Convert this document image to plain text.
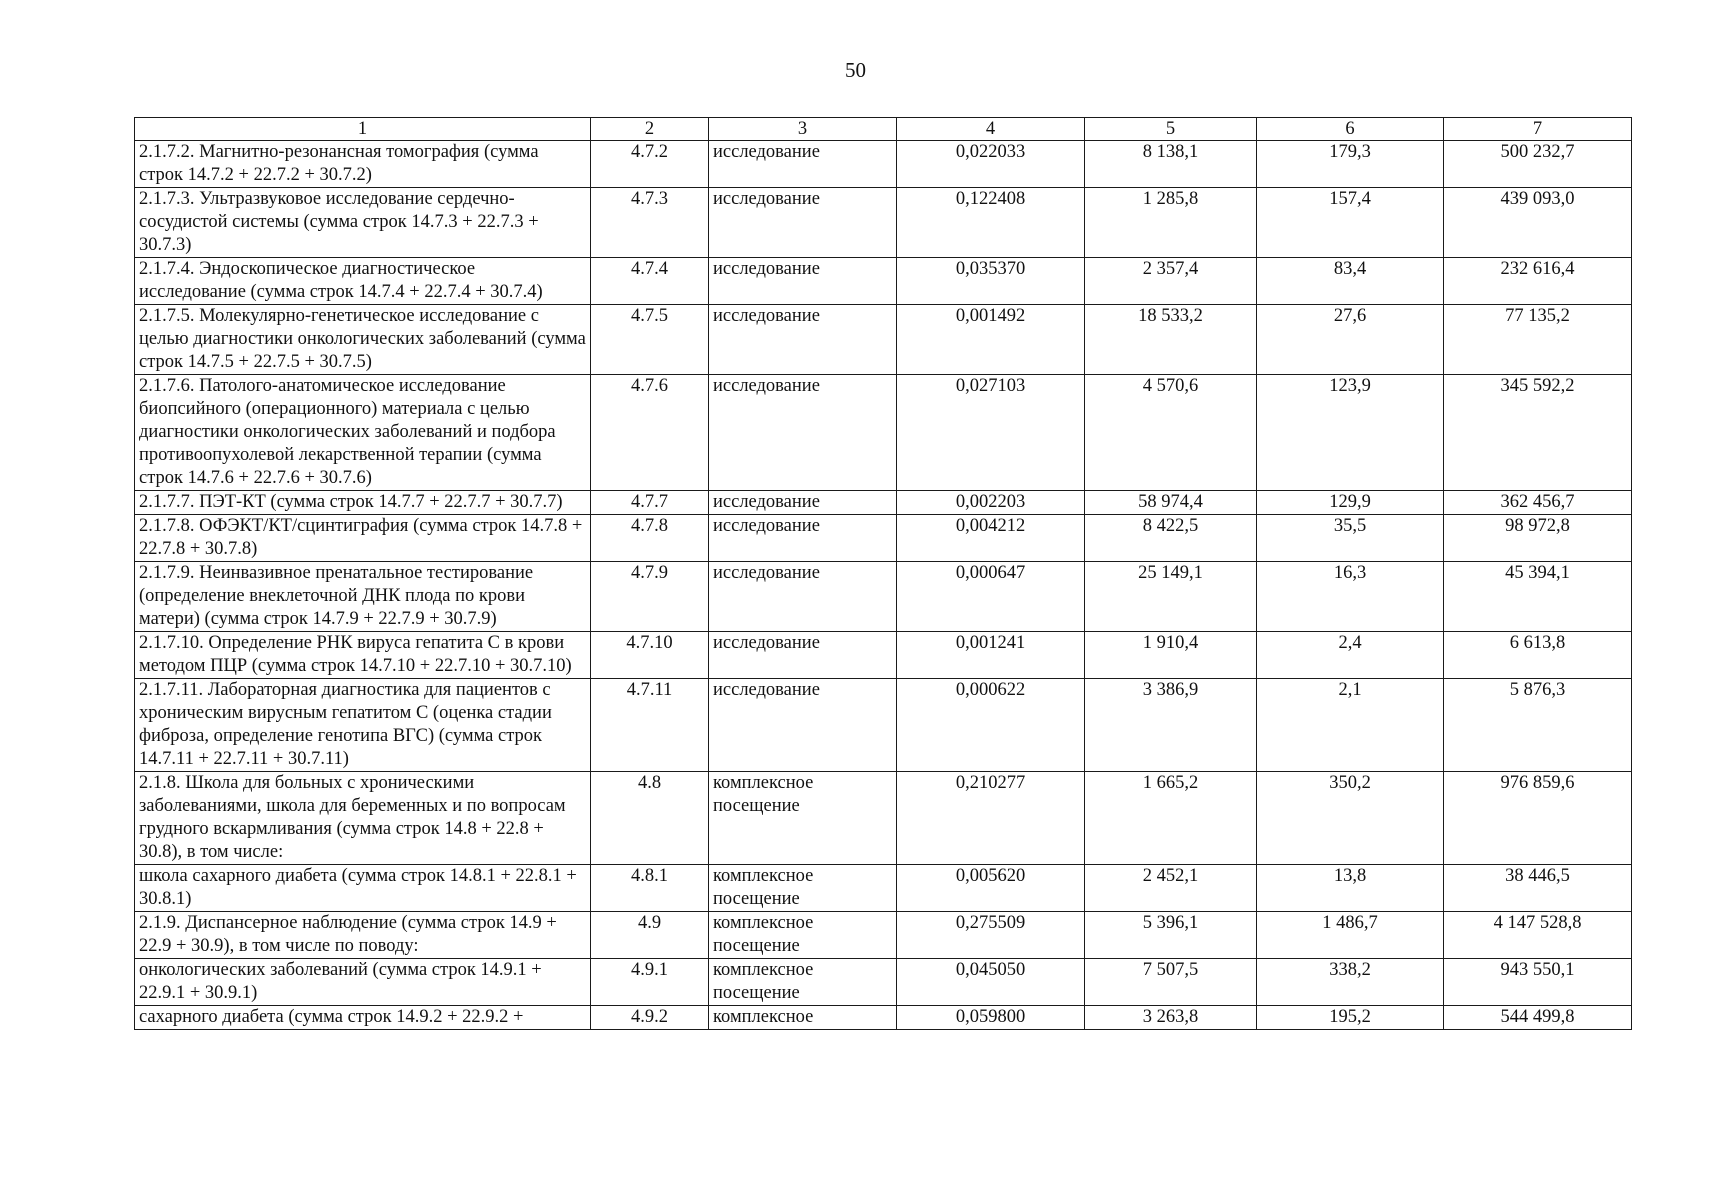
50
1	2	3	4	5	6	7
2.1.7.2. Магнитно-резонансная томография (сумма строк 14.7.2 + 22.7.2 + 30.7.2)	4.7.2	исследование	0,022033	8 138,1	179,3	500 232,7
2.1.7.3. Ультразвуковое исследование сердечно-сосудистой системы (сумма строк 14.7.3 + 22.7.3 + 30.7.3)	4.7.3	исследование	0,122408	1 285,8	157,4	439 093,0
2.1.7.4. Эндоскопическое диагностическое исследование (сумма строк 14.7.4 + 22.7.4 + 30.7.4)	4.7.4	исследование	0,035370	2 357,4	83,4	232 616,4
2.1.7.5. Молекулярно-генетическое исследование с целью диагностики онкологических заболеваний (сумма строк 14.7.5 + 22.7.5 + 30.7.5)	4.7.5	исследование	0,001492	18 533,2	27,6	77 135,2
2.1.7.6. Патолого-анатомическое исследование биопсийного (операционного) материала с целью диагностики онкологических заболеваний и подбора противоопухолевой лекарственной терапии (сумма строк 14.7.6 + 22.7.6 + 30.7.6)	4.7.6	исследование	0,027103	4 570,6	123,9	345 592,2
2.1.7.7. ПЭТ-КТ (сумма строк 14.7.7 + 22.7.7 + 30.7.7)	4.7.7	исследование	0,002203	58 974,4	129,9	362 456,7
2.1.7.8. ОФЭКТ/КТ/сцинтиграфия (сумма строк 14.7.8 + 22.7.8 + 30.7.8)	4.7.8	исследование	0,004212	8 422,5	35,5	98 972,8
2.1.7.9. Неинвазивное пренатальное тестирование (определение внеклеточной ДНК плода по крови матери) (сумма строк 14.7.9 + 22.7.9 + 30.7.9)	4.7.9	исследование	0,000647	25 149,1	16,3	45 394,1
2.1.7.10. Определение РНК вируса гепатита С в крови методом ПЦР (сумма строк 14.7.10 + 22.7.10 + 30.7.10)	4.7.10	исследование	0,001241	1 910,4	2,4	6 613,8
2.1.7.11. Лабораторная диагностика для пациентов с хроническим вирусным гепатитом С (оценка стадии фиброза, определение генотипа ВГС) (сумма строк 14.7.11 + 22.7.11 + 30.7.11)	4.7.11	исследование	0,000622	3 386,9	2,1	5 876,3
2.1.8. Школа для больных с хроническими заболеваниями, школа для беременных и по вопросам грудного вскармливания (сумма строк 14.8 + 22.8 + 30.8), в том числе:	4.8	комплексное посещение	0,210277	1 665,2	350,2	976 859,6
школа сахарного диабета (сумма строк 14.8.1 + 22.8.1 + 30.8.1)	4.8.1	комплексное посещение	0,005620	2 452,1	13,8	38 446,5
2.1.9. Диспансерное наблюдение (сумма строк 14.9 + 22.9 + 30.9), в том числе по поводу:	4.9	комплексное посещение	0,275509	5 396,1	1 486,7	4 147 528,8
онкологических заболеваний (сумма строк 14.9.1 + 22.9.1 + 30.9.1)	4.9.1	комплексное посещение	0,045050	7 507,5	338,2	943 550,1
сахарного диабета (сумма строк 14.9.2 + 22.9.2 +	4.9.2	комплексное	0,059800	3 263,8	195,2	544 499,8
